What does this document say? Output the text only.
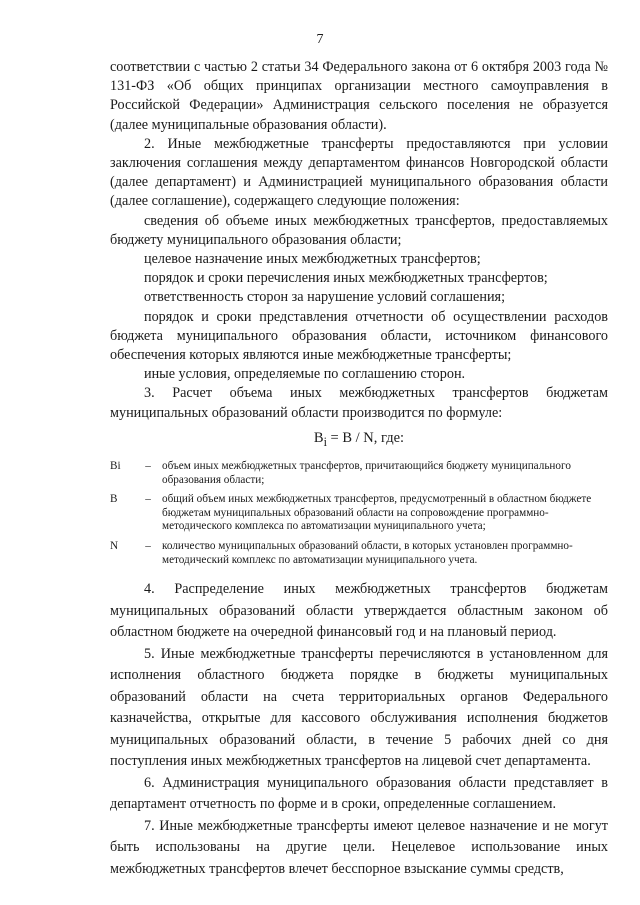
7

соответствии с частью 2 статьи 34 Федерального закона от 6 октября 2003 года № 131-ФЗ «Об общих принципах организации местного самоуправления в Российской Федерации» Администрация сельского поселения не образуется (далее муниципальные образования области).

2. Иные межбюджетные трансферты предоставляются при условии заключения соглашения между департаментом финансов Новгородской области (далее департамент) и Администрацией муниципального образования области (далее соглашение), содержащего следующие положения:

сведения об объеме иных межбюджетных трансфертов, предоставляемых бюджету муниципального образования области;

целевое назначение иных межбюджетных трансфертов;

порядок и сроки перечисления иных межбюджетных трансфертов;

ответственность сторон за нарушение условий соглашения;

порядок и сроки представления отчетности об осуществлении расходов бюджета муниципального образования области, источником финансового обеспечения которых являются иные межбюджетные трансферты;

иные условия, определяемые по соглашению сторон.

3. Расчет объема иных межбюджетных трансфертов бюджетам муниципальных образований области производится по формуле:

$B_i = B / N$, где:
Bi	–	объем иных межбюджетных трансфертов, причитающийся бюджету муниципального образования области;
B	–	общий объем иных межбюджетных трансфертов, предусмотренный в областном бюджете бюджетам муниципальных образований области на сопровождение программно-методического комплекса по автоматизации муниципального учета;
N	–	количество муниципальных образований области, в которых установлен программно-методический комплекс по автоматизации муниципального учета.

4. Распределение иных межбюджетных трансфертов бюджетам муниципальных образований области утверждается областным законом об областном бюджете на очередной финансовый год и на плановый период.

5. Иные межбюджетные трансферты перечисляются в установленном для исполнения областного бюджета порядке в бюджеты муниципальных образований области на счета территориальных органов Федерального казначейства, открытые для кассового обслуживания исполнения бюджетов муниципальных образований области, в течение 5 рабочих дней со дня поступления иных межбюджетных трансфертов на лицевой счет департамента.

6. Администрация муниципального образования области представляет в департамент отчетность по форме и в сроки, определенные соглашением.

7. Иные межбюджетные трансферты имеют целевое назначение и не могут быть использованы на другие цели. Нецелевое использование иных межбюджетных трансфертов влечет бесспорное взыскание суммы средств,
